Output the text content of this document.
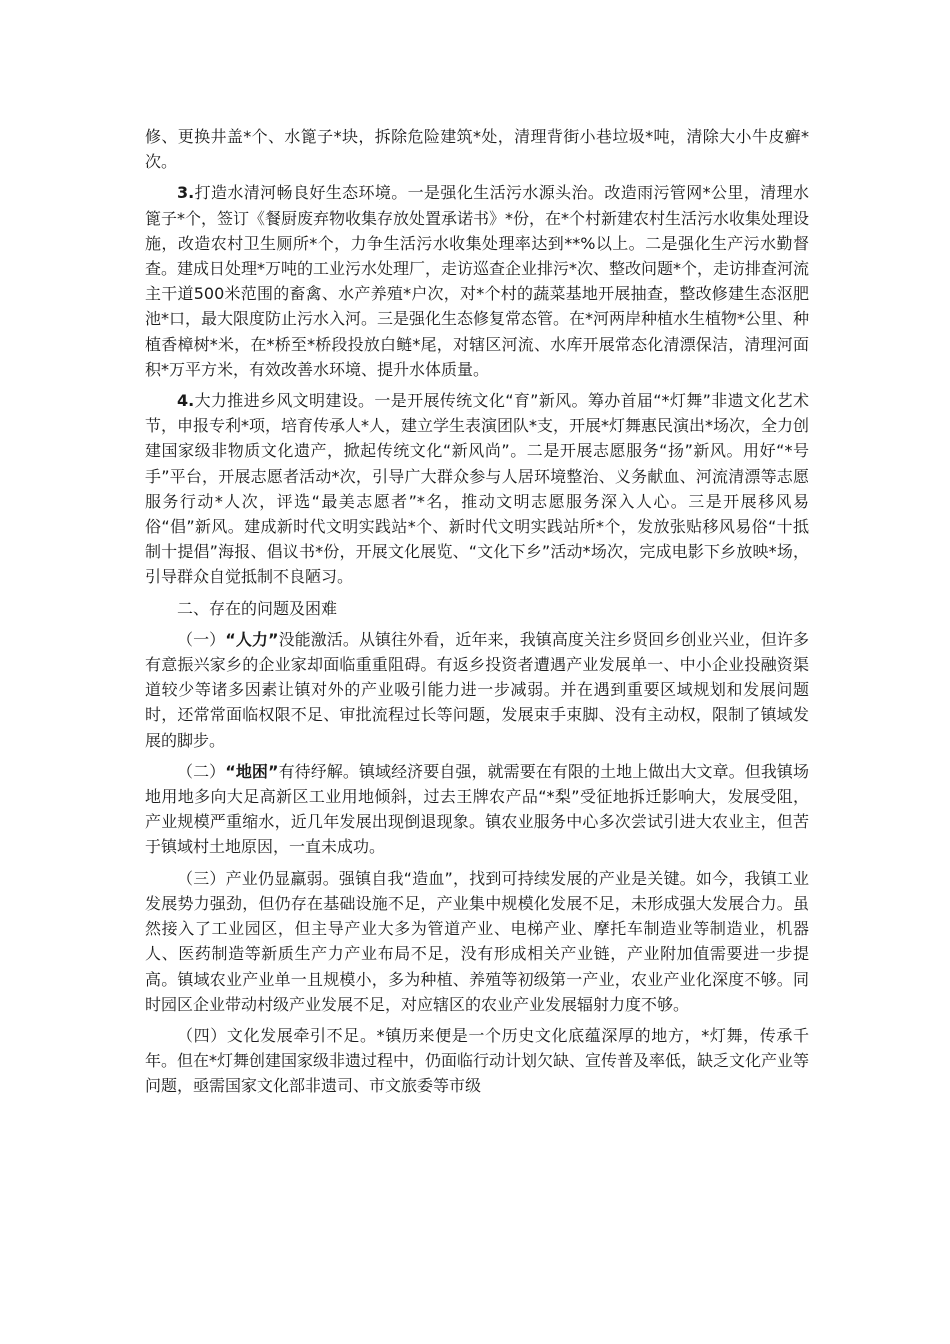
修、更换井盖*个、水篦子*块，拆除危险建筑*处，清理背街小巷垃圾*吨，清除大小牛皮癣*次。

3.打造水清河畅良好生态环境。一是强化生活污水源头治。改造雨污管网*公里，清理水篦子*个，签订《餐厨废弃物收集存放处置承诺书》*份，在*个村新建农村生活污水收集处理设施，改造农村卫生厕所*个，力争生活污水收集处理率达到**%以上。二是强化生产污水勤督查。建成日处理*万吨的工业污水处理厂，走访巡查企业排污*次、整改问题*个，走访排查河流主干道500米范围的畜禽、水产养殖*户次，对*个村的蔬菜基地开展抽查，整改修建生态沤肥池*口，最大限度防止污水入河。三是强化生态修复常态管。在*河两岸种植水生植物*公里、种植香樟树*米，在*桥至*桥段投放白鲢*尾，对辖区河流、水库开展常态化清漂保洁，清理河面积*万平方米，有效改善水环境、提升水体质量。

4.大力推进乡风文明建设。一是开展传统文化“育”新风。筹办首届“*灯舞”非遗文化艺术节，申报专利*项，培育传承人*人，建立学生表演团队*支，开展*灯舞惠民演出*场次，全力创建国家级非物质文化遗产，掀起传统文化“新风尚”。二是开展志愿服务“扬”新风。用好“*号手”平台，开展志愿者活动*次，引导广大群众参与人居环境整治、义务献血、河流清漂等志愿服务行动*人次，评选“最美志愿者”*名，推动文明志愿服务深入人心。三是开展移风易俗“倡”新风。建成新时代文明实践站*个、新时代文明实践站所*个，发放张贴移风易俗“十抵制十提倡”海报、倡议书*份，开展文化展览、“文化下乡”活动*场次，完成电影下乡放映*场，引导群众自觉抵制不良陋习。

二、存在的问题及困难

（一）“人力”没能激活。从镇往外看，近年来，我镇高度关注乡贤回乡创业兴业，但许多有意振兴家乡的企业家却面临重重阻碍。有返乡投资者遭遇产业发展单一、中小企业投融资渠道较少等诸多因素让镇对外的产业吸引能力进一步减弱。并在遇到重要区域规划和发展问题时，还常常面临权限不足、审批流程过长等问题，发展束手束脚、没有主动权，限制了镇域发展的脚步。

（二）“地困”有待纾解。镇域经济要自强，就需要在有限的土地上做出大文章。但我镇场地用地多向大足高新区工业用地倾斜，过去王牌农产品“*梨”受征地拆迁影响大，发展受阻，产业规模严重缩水，近几年发展出现倒退现象。镇农业服务中心多次尝试引进大农业主，但苦于镇域村土地原因，一直未成功。

（三）产业仍显羸弱。强镇自我“造血”，找到可持续发展的产业是关键。如今，我镇工业发展势力强劲，但仍存在基础设施不足，产业集中规模化发展不足，未形成强大发展合力。虽然接入了工业园区，但主导产业大多为管道产业、电梯产业、摩托车制造业等制造业，机器人、医药制造等新质生产力产业布局不足，没有形成相关产业链，产业附加值需要进一步提高。镇域农业产业单一且规模小，多为种植、养殖等初级第一产业，农业产业化深度不够。同时园区企业带动村级产业发展不足，对应辖区的农业产业发展辐射力度不够。

（四）文化发展牵引不足。*镇历来便是一个历史文化底蕴深厚的地方，*灯舞，传承千年。但在*灯舞创建国家级非遗过程中，仍面临行动计划欠缺、宣传普及率低，缺乏文化产业等问题，亟需国家文化部非遗司、市文旅委等市级
